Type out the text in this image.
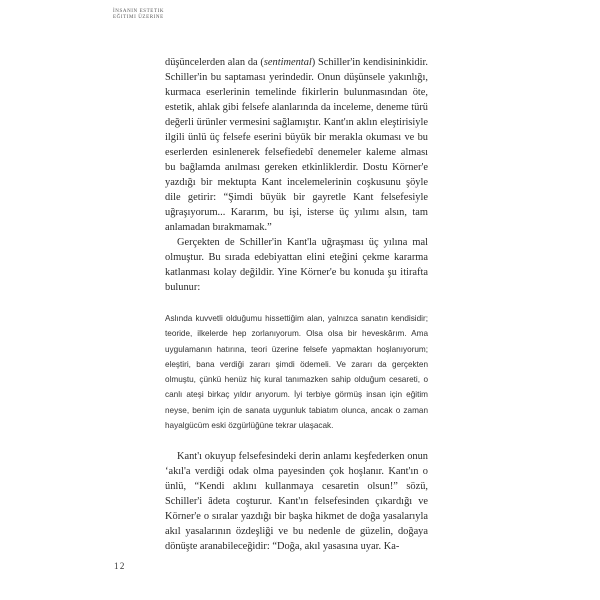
İNSANIN ESTETIK
EĞITIMI ÜZERINE

düşüncelerden alan da (sentimental) Schiller'in kendisininkidir. Schiller'in bu saptaması yerindedir. Onun düşünsele yakınlığı, kurmaca eserlerinin temelinde fikirlerin bulunmasından öte, estetik, ahlak gibi felsefe alanlarında da inceleme, deneme türü değerli ürünler vermesini sağlamıştır. Kant'ın aklın eleştirisiyle ilgili ünlü üç felsefe eserini büyük bir merakla okuması ve bu eserlerden esinlenerek felsefiedebî denemeler kaleme alması bu bağlamda anılması gereken etkinliklerdir. Dostu Körner'e yazdığı bir mektupta Kant incelemelerinin coşkusunu şöyle dile getirir: “Şimdi büyük bir gayretle Kant felsefesiyle uğraşıyorum... Kararım, bu işi, isterse üç yılımı alsın, tam anlamadan bırakmamak.”

Gerçekten de Schiller'in Kant'la uğraşması üç yılına mal olmuştur. Bu sırada edebiyattan elini eteğini çekme kararma katlanması kolay değildir. Yine Körner'e bu konuda şu itirafta bulunur:

Aslında kuvvetli olduğumu hissettiğim alan, yalnızca sanatın kendisidir; teoride, ilkelerde hep zorlanıyorum. Olsa olsa bir heveskârım. Ama uygulamanın hatırına, teori üzerine felsefe yapmaktan hoşlanıyorum; eleştiri, bana verdiği zararı şimdi ödemeli. Ve zararı da gerçekten olmuştu, çünkü henüz hiç kural tanımazken sahip olduğum cesareti, o canlı ateşi birkaç yıldır arıyorum. İyi terbiye görmüş insan için eğitim neyse, benim için de sanata uygunluk tabiatım olunca, ancak o zaman hayalgücüm eski özgürlüğüne tekrar ulaşacak.

Kant'ı okuyup felsefesindeki derin anlamı keşfederken onun ‘akıl'a verdiği odak olma payesinden çok hoşlanır. Kant'ın o ünlü, “Kendi aklını kullanmaya cesaretin olsun!” sözü, Schiller'i âdeta coşturur. Kant'ın felsefesinden çıkardığı ve Körner'e o sıralar yazdığı bir başka hikmet de doğa yasalarıyla akıl yasalarının özdeşliği ve bu nedenle de güzelin, doğaya dönüşte aranabileceğidir: “Doğa, akıl yasasına uyar. Ka-

12
